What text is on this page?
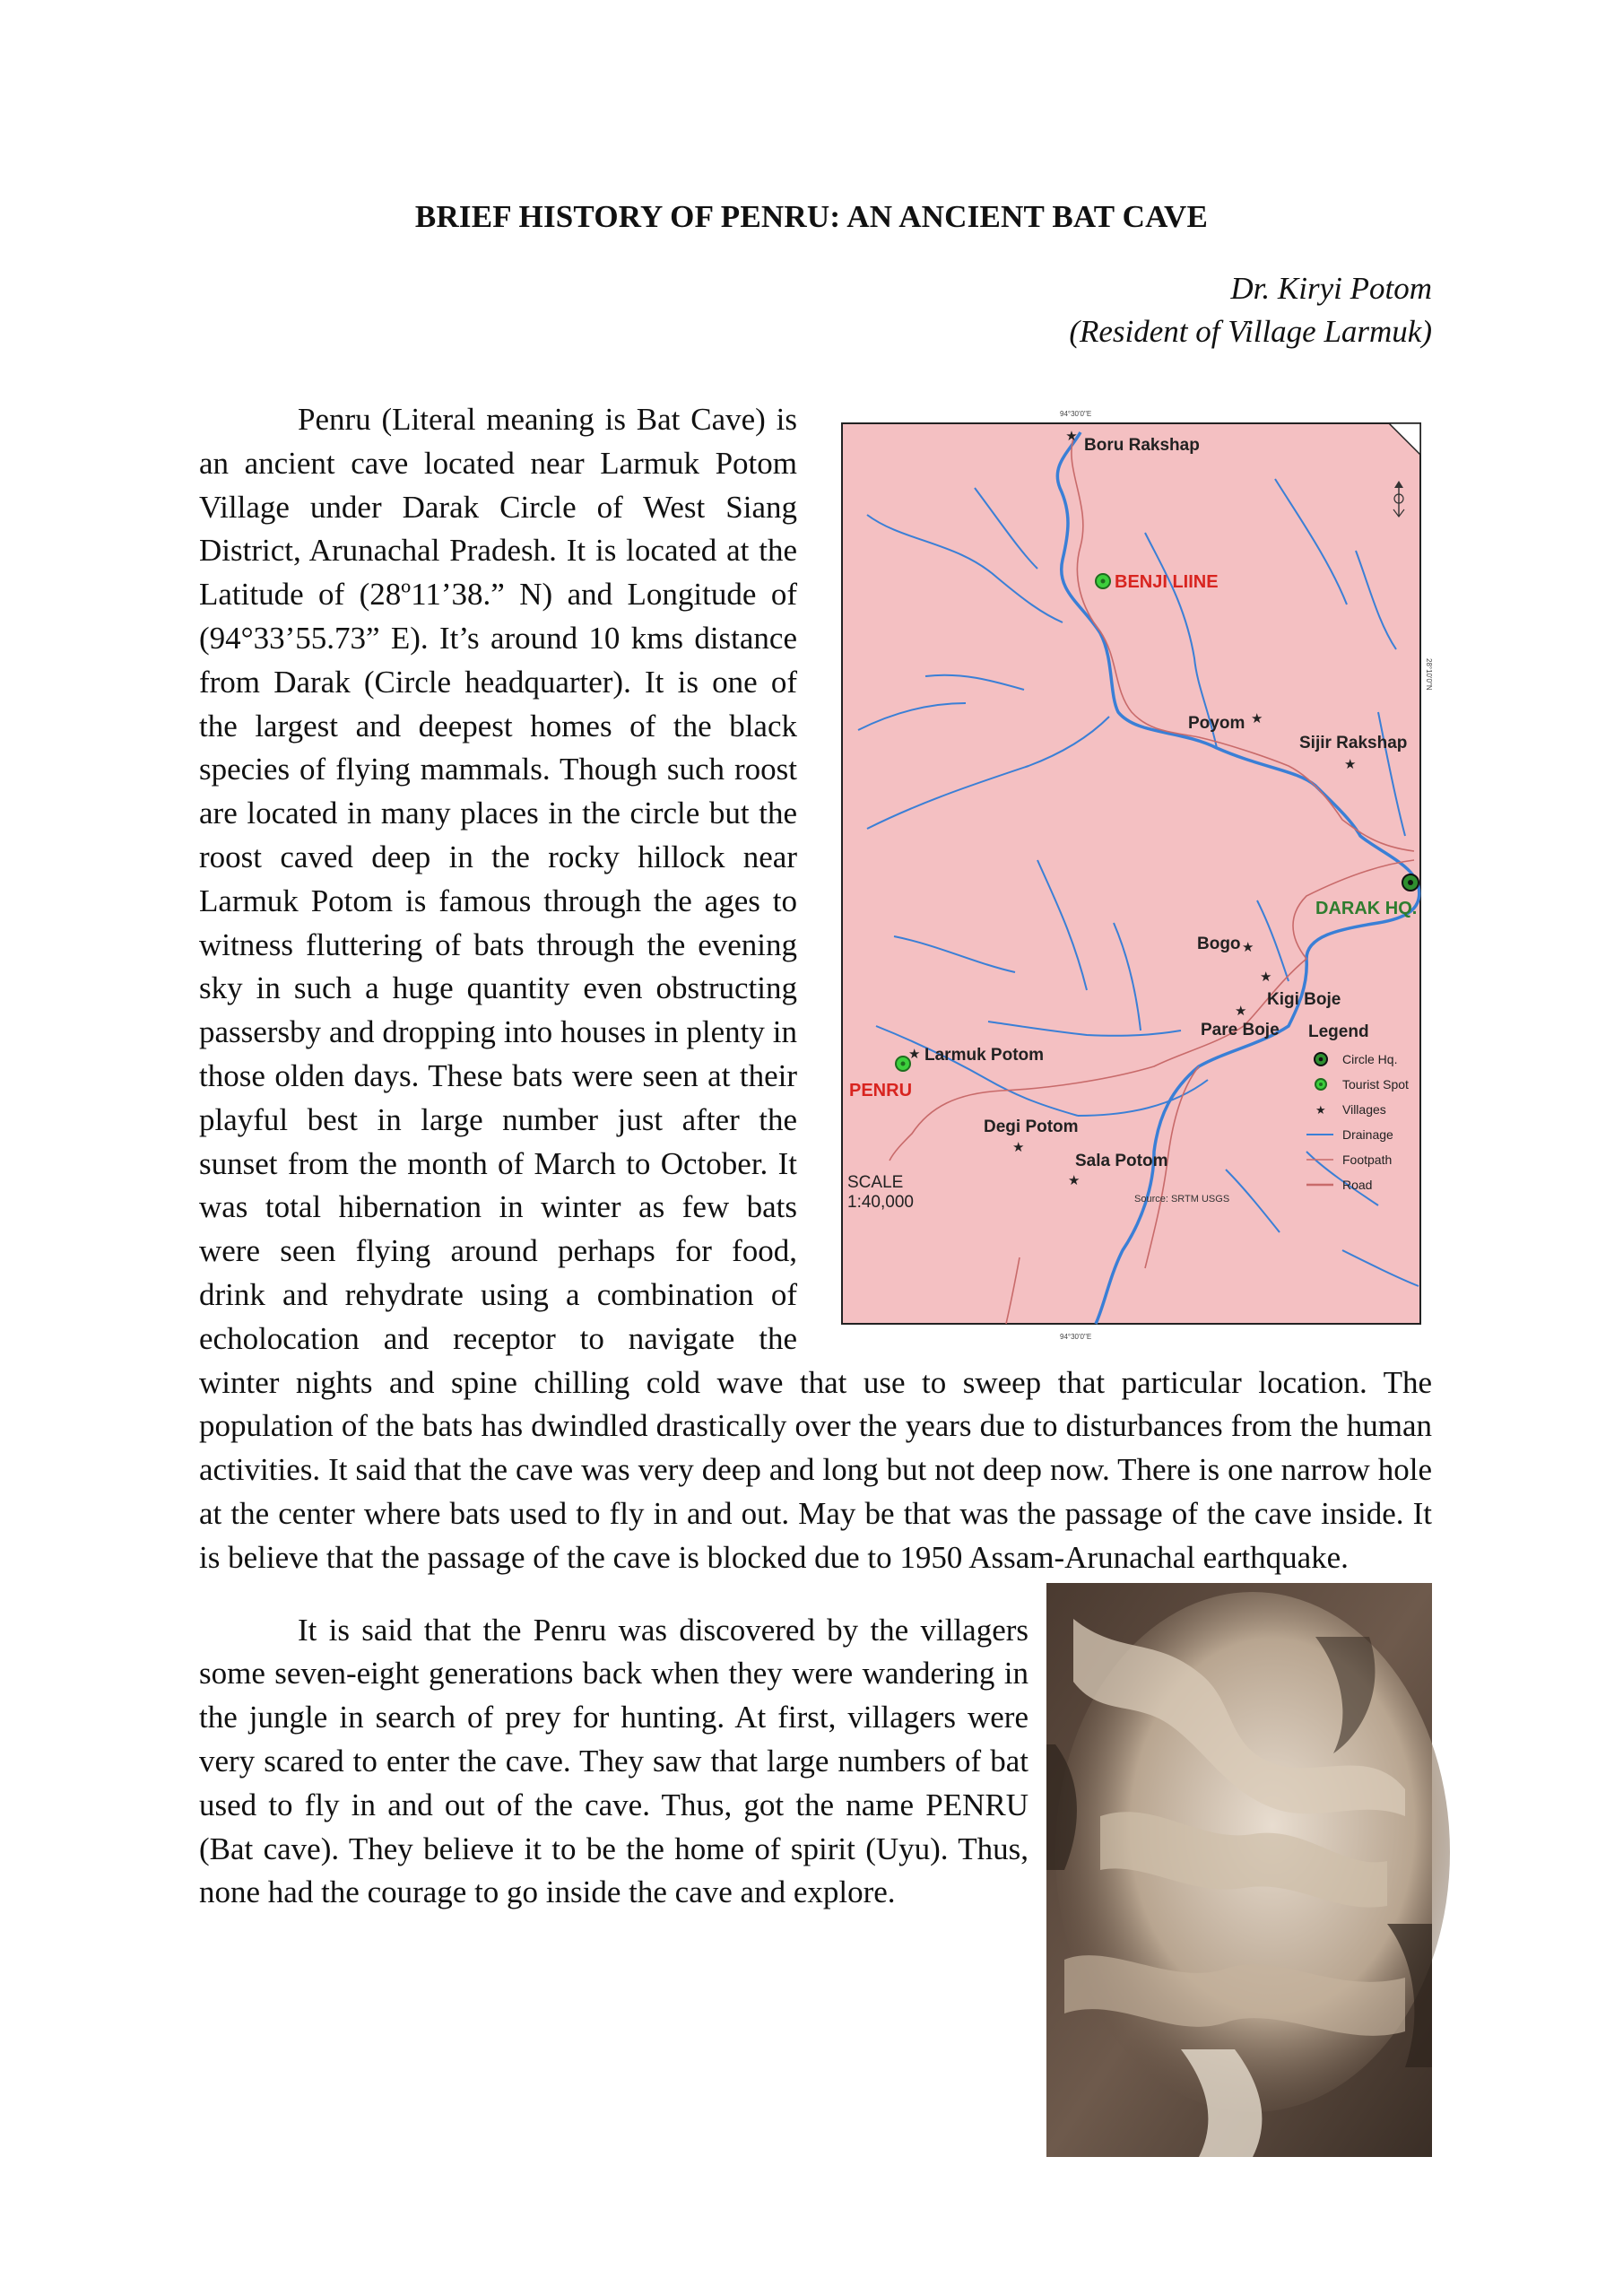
BRIEF HISTORY OF PENRU: AN ANCIENT BAT CAVE
Dr. Kiryi Potom
(Resident of Village Larmuk)
94°30'0"E
94°30'0"E
28°10'0"N
★ Boru Rakshap
BENJI LIINE
Poyom ★
Sijir Rakshap
★
DARAK HQ.
Bogo ★
★
Kigi Boje
★
Pare Boje
★ Larmuk Potom
PENRU
Degi Potom
★
Sala Potom
★
Legend
Circle Hq.
Tourist Spot
★ Villages
Drainage
Footpath
Road
SCALE
1:40,000	Source: SRTM USGS

Penru (Literal meaning is Bat Cave) is an ancient cave located near Larmuk Potom Village under Darak Circle of West Siang District, Arunachal Pradesh. It is located at the Latitude of (28º11’38.” N) and Longitude of (94°33’55.73” E). It’s around 10 kms distance from Darak (Circle headquarter). It is one of the largest and deepest homes of the black species of flying mammals. Though such roost are located in many places in the circle but the roost caved deep in the rocky hillock near Larmuk Potom is famous through the ages to witness fluttering of bats through the evening sky in such a huge quantity even obstructing passersby and dropping into houses in plenty in those olden days. These bats were seen at their playful best in large number just after the sunset from the month of March to October. It was total hibernation in winter as few bats were seen flying around perhaps for food, drink and rehydrate using a combination of echolocation and receptor to navigate the winter nights and spine chilling cold wave that use to sweep that particular location. The population of the bats has dwindled drastically over the years due to disturbances from the human activities. It said that the cave was very deep and long but not deep now. There is one narrow hole at the center where bats used to fly in and out. May be that was the passage of the cave inside. It is believe that the passage of the cave is blocked due to 1950 Assam-Arunachal earthquake.

It is said that the Penru was discovered by the villagers some seven-eight generations back when they were wandering in the jungle in search of prey for hunting. At first, villagers were very scared to enter the cave. They saw that large numbers of bat used to fly in and out of the cave. Thus, got the name PENRU (Bat cave). They believe it to be the home of spirit (Uyu). Thus, none had the courage to go inside the cave and explore.
